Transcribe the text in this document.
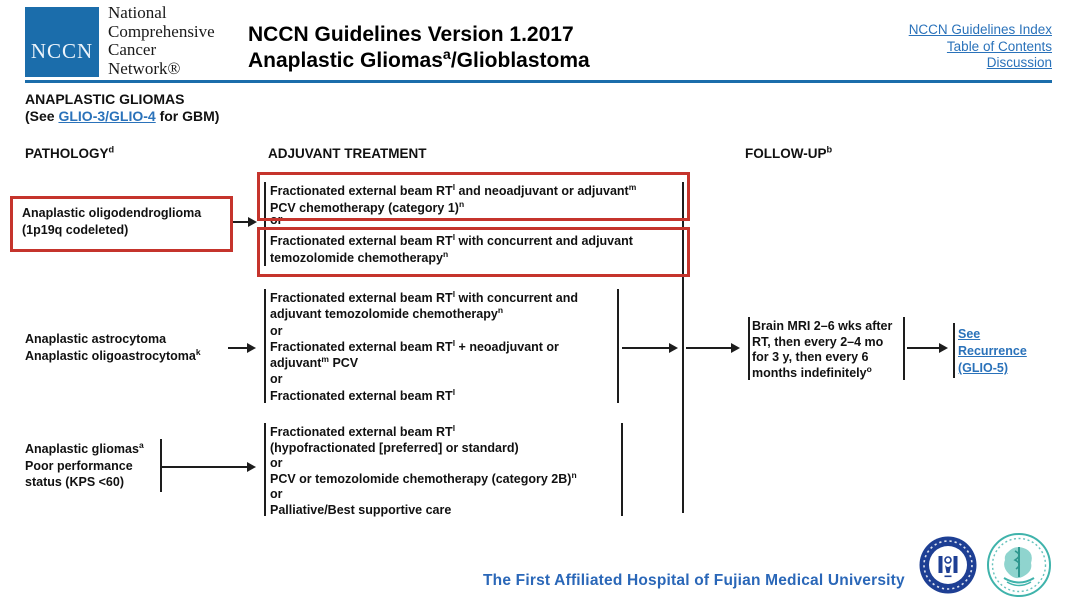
NCCN
National
Comprehensive
Cancer
Network®
NCCN Guidelines Version 1.2017
Anaplastic Gliomas$^a$/Glioblastoma
NCCN Guidelines Index
Table of Contents
Discussion
ANAPLASTIC GLIOMAS
(See GLIO-3/GLIO-4 for GBM)
PATHOLOGY$^d$	ADJUVANT TREATMENT	FOLLOW-$UP^b$
Anaplastic oligodendroglioma
(1p19q codeleted)
Fractionated external beam $RT^l$ and neoadjuvant or adjuvant$^m$
PCV chemotherapy (category 1)$^n$
or
Fractionated external beam $RT^l$ with concurrent and adjuvant
temozolomide chemotherapy$^n$
Anaplastic astrocytoma
Anaplastic oligoastrocytoma$^k$
Fractionated external beam $RT^l$ with concurrent and
adjuvant temozolomide chemotherapy$^n$
or
Fractionated external beam $RT^l$ + neoadjuvant or
adjuvant$^m$ PCV
or
Fractionated external beam $RT^l$
Brain MRI 2–6 wks after
RT, then every 2–4 mo
for 3 y, then every 6
months indefinitely$^o$
See
Recurrence
(GLIO-5)
Anaplastic gliomas$^a$
Poor performance
status (KPS <60)
Fractionated external beam $RT^l$
(hypofractionated [preferred] or standard)
or
PCV or temozolomide chemotherapy (category 2B)$^n$
or
Palliative/Best supportive care
The First Affiliated Hospital of Fujian Medical University
